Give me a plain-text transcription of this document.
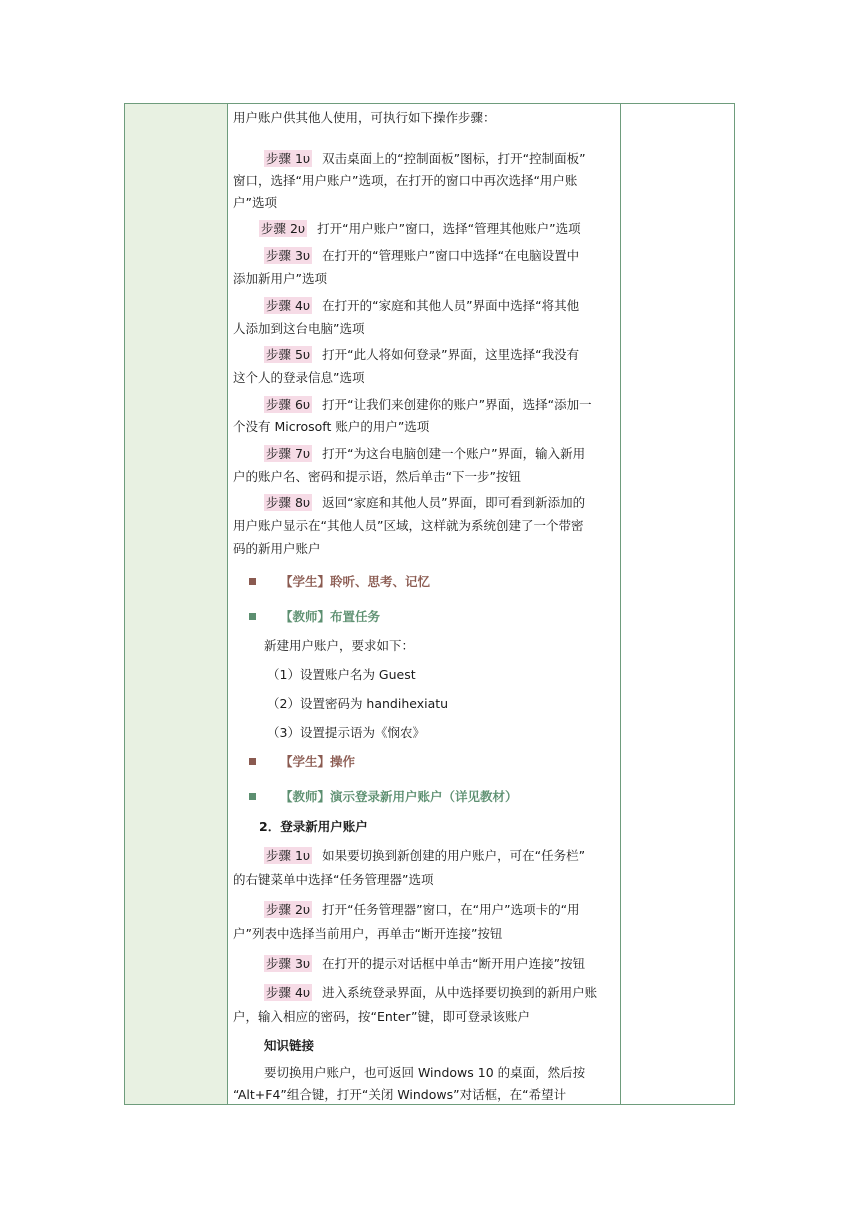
用户账户供其他人使用，可执行如下操作步骤：
步骤 1υ 双击桌面上的“控制面板”图标，打开“控制面板”
窗口，选择“用户账户”选项，在打开的窗口中再次选择“用户账
户”选项
步骤 2υ 打开“用户账户”窗口，选择“管理其他账户”选项
步骤 3υ 在打开的“管理账户”窗口中选择“在电脑设置中
添加新用户”选项
步骤 4υ 在打开的“家庭和其他人员”界面中选择“将其他
人添加到这台电脑”选项
步骤 5υ 打开“此人将如何登录”界面，这里选择“我没有
这个人的登录信息”选项
步骤 6υ 打开“让我们来创建你的账户”界面，选择“添加一
个没有 Microsoft 账户的用户”选项
步骤 7υ 打开“为这台电脑创建一个账户”界面，输入新用
户的账户名、密码和提示语，然后单击“下一步”按钮
步骤 8υ 返回“家庭和其他人员”界面，即可看到新添加的
用户账户显示在“其他人员”区域，这样就为系统创建了一个带密
码的新用户账户
【学生】聆听、思考、记忆
【教师】布置任务
新建用户账户，要求如下：
（1）设置账户名为 Guest
（2）设置密码为 handihexiatu
（3）设置提示语为《悯农》
【学生】操作
【教师】演示登录新用户账户（详见教材）
2．登录新用户账户
步骤 1υ 如果要切换到新创建的用户账户，可在“任务栏”
的右键菜单中选择“任务管理器”选项
步骤 2υ 打开“任务管理器”窗口，在“用户”选项卡的“用
户”列表中选择当前用户，再单击“断开连接”按钮
步骤 3υ 在打开的提示对话框中单击“断开用户连接”按钮
步骤 4υ 进入系统登录界面，从中选择要切换到的新用户账
户，输入相应的密码，按“Enter”键，即可登录该账户
知识链接
要切换用户账户，也可返回 Windows 10 的桌面，然后按
“Alt+F4”组合键，打开“关闭 Windows”对话框，在“希望计
